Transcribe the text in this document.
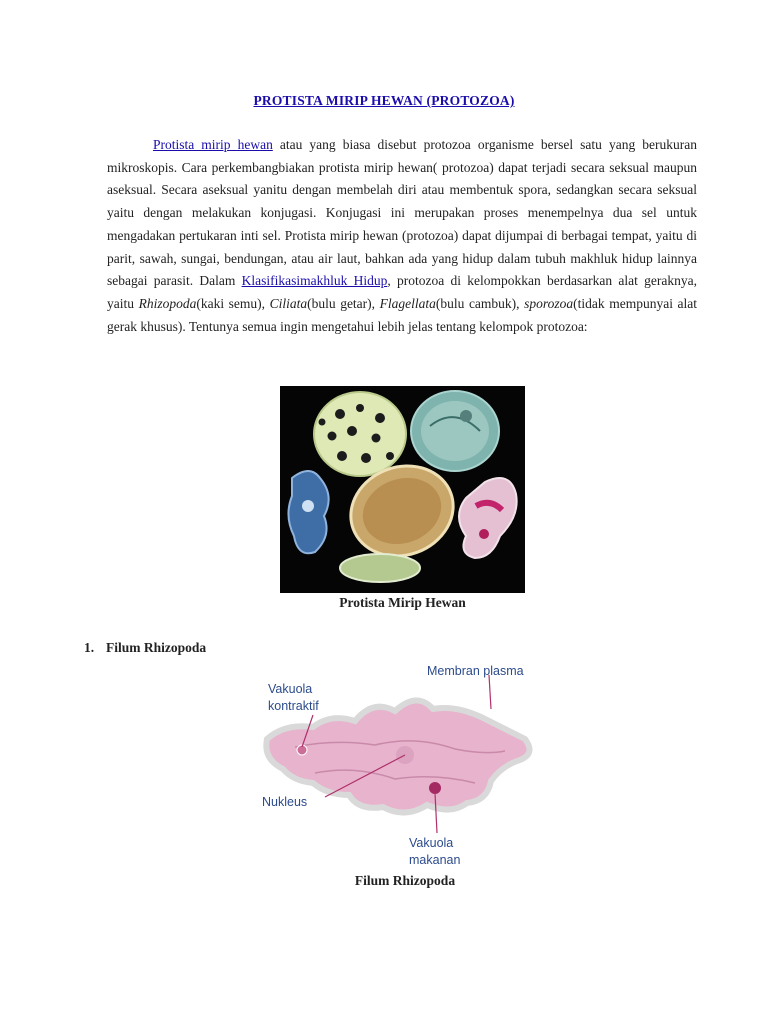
PROTISTA MIRIP HEWAN (PROTOZOA)
Protista mirip hewan atau yang biasa disebut protozoa organisme bersel satu yang berukuran mikroskopis. Cara perkembangbiakan protista mirip hewan( protozoa) dapat terjadi secara seksual maupun aseksual. Secara aseksual yanitu dengan membelah diri atau membentuk spora, sedangkan secara seksual yaitu dengan melakukan konjugasi. Konjugasi ini merupakan proses menempelnya dua sel untuk mengadakan pertukaran inti sel. Protista mirip hewan (protozoa) dapat dijumpai di berbagai tempat, yaitu di parit, sawah, sungai, bendungan, atau air laut, bahkan ada yang hidup dalam tubuh makhluk hidup lainnya sebagai parasit. Dalam Klasifikasimakhluk Hidup, protozoa di kelompokkan berdasarkan alat geraknya, yaitu Rhizopoda(kaki semu), Ciliata(bulu getar), Flagellata(bulu cambuk), sporozoa(tidak mempunyai alat gerak khusus). Tentunya semua ingin mengetahui lebih jelas tentang kelompok protozoa:
Protista Mirip Hewan
1. Filum Rhizopoda
Membran plasma
Vakuola
kontraktif
Nukleus
Vakuola
makanan
Filum Rhizopoda
